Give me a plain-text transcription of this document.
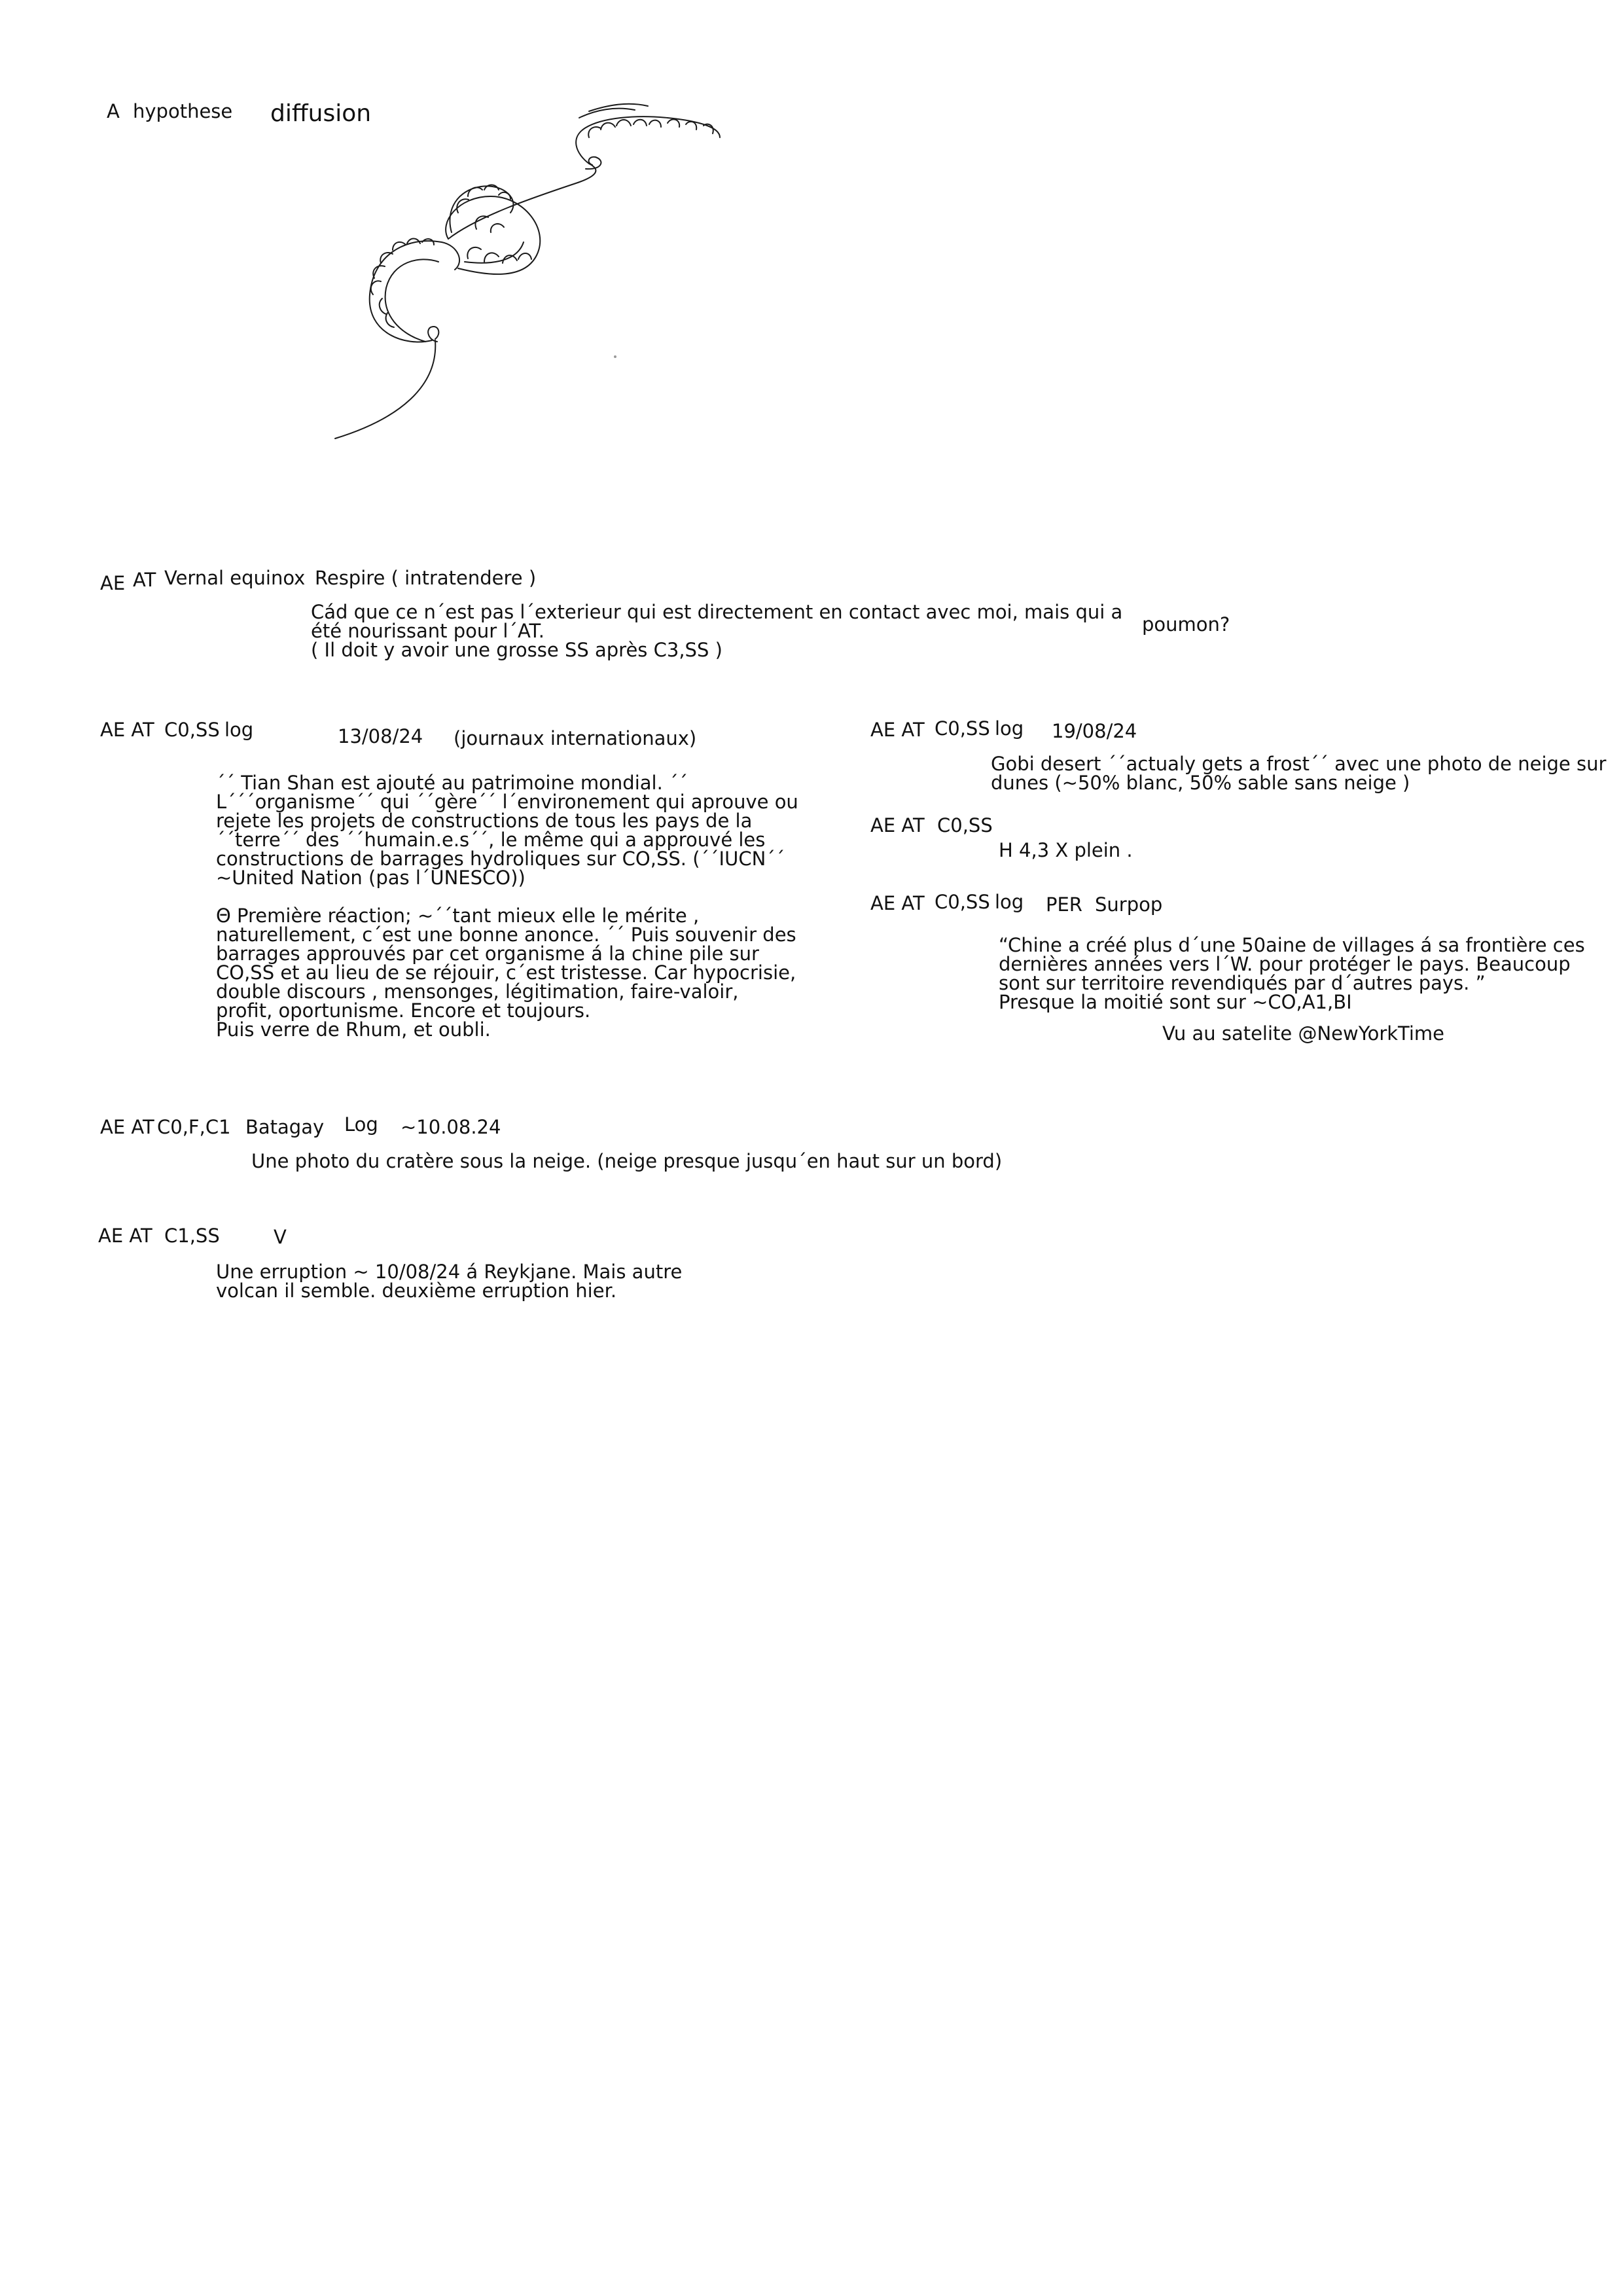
A hypothese diffusion
AE AT Vernal equinox Respire ( intratendere )
Cád que ce n´est pas l´exterieur qui est directement en contact avec moi, mais qui a
été nourissant pour l´AT.
( Il doit y avoir une grosse SS après C3,SS )
poumon?
AE AT C0,SS log	13/08/24 (journaux internationaux)
´´ Tian Shan est ajouté au patrimoine mondial. ´´
L´´´organisme´´ qui ´´gère´´ l´environement qui aprouve ou
rejete les projets de constructions de tous les pays de la
´´terre´´ des ´´humain.e.s´´, le même qui a approuvé les
constructions de barrages hydroliques sur CO,SS. (´´IUCN´´
~United Nation (pas l´UNESCO))

Θ Première réaction; ~´´tant mieux elle le mérite ,
naturellement, c´est une bonne anonce. ´´ Puis souvenir des
barrages approuvés par cet organisme á la chine pile sur
CO,SS et au lieu de se réjouir, c´est tristesse. Car hypocrisie,
double discours , mensonges, légitimation, faire-valoir,
profit, oportunisme. Encore et toujours.
Puis verre de Rhum, et oubli.
AE AT C0,SS log 19/08/24
Gobi desert ´´actualy gets a frost´´ avec une photo de neige sur
dunes (~50% blanc, 50% sable sans neige )
AE AT C0,SS
H 4,3 X plein .
AE AT C0,SS log PER Surpop
“Chine a créé plus d´une 50aine de villages á sa frontière ces
dernières années vers l´W. pour protéger le pays. Beaucoup
sont sur territoire revendiqués par d´autres pays. ”
Presque la moitié sont sur ~CO,A1,BI
Vu au satelite @NewYorkTime
AE AT C0,F,C1 Batagay Log ~10.08.24
Une photo du cratère sous la neige. (neige presque jusqu´en haut sur un bord)
AE AT C1,SS	V
Une erruption ~ 10/08/24 á Reykjane. Mais autre
volcan il semble. deuxième erruption hier.
